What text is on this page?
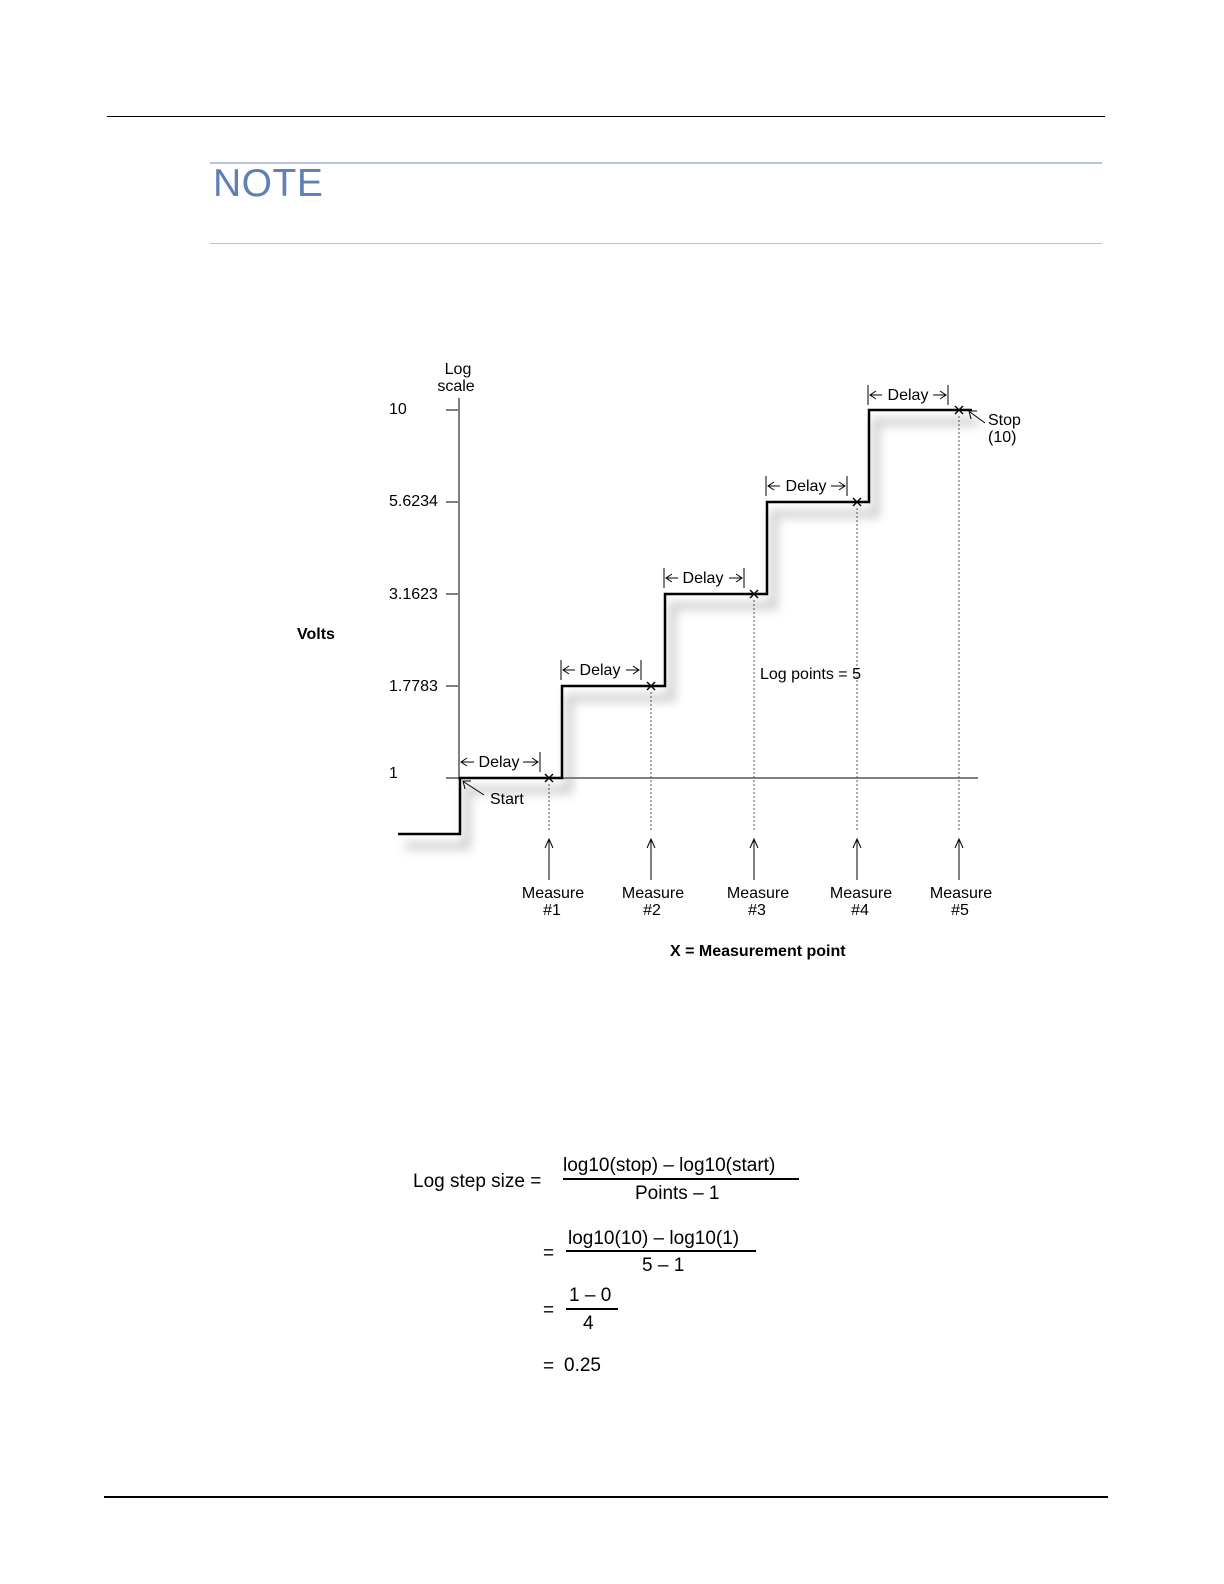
NOTE
Log
scale
Volts
10
5.6234
3.1623
1.7783
1
Measure
#1
Measure
#2
Measure
#3
Measure
#4
Measure
#5
Delay
Delay
Delay
Delay
Delay
Start
Stop
(10)
Log points = 5
X = Measurement point
Log step size =
log10(stop) – log10(start)
Points – 1
=
log10(10) – log10(1)
5 – 1
=
1 – 0
4
= 0.25
